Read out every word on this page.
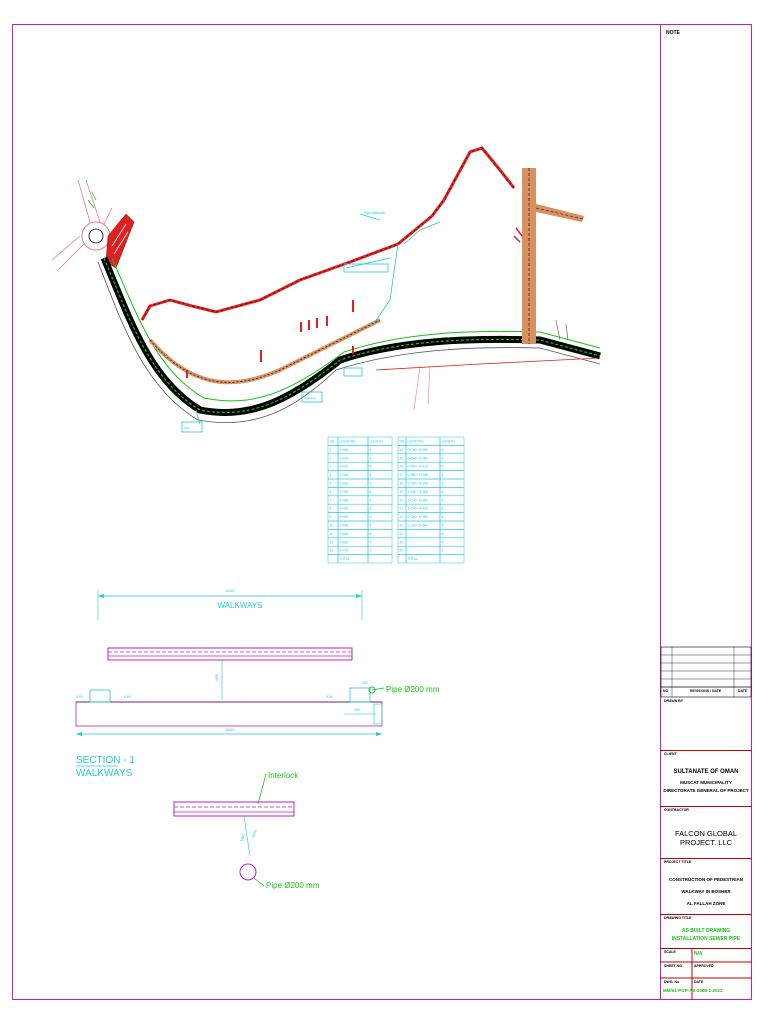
NOTE
NO	REVISIONS / DATE	DATE
DRAWN BY
CLIENT
SULTANATE OF OMAN
MUSCAT MUNICIPALITY
DIRECTORATE GENERAL OF PROJECT
CONTRACTOR
FALCON GLOBAL PROJECT. LLC
PROJECT TITLE
CONSTRUCTION OF PEDESTRIAN
WALKWAY IN BOSHER
AL FALLAH ZONE
DRAWING TITLE
AS BUILT DRAWING
INSTALLATION SEWER PIPE
SCALE	N/A
SHEET NO	APPROVED
DWG. No	DATE
MM/01-PGP-AS-200
08-1-2022
Pipe Network
Walkway
Pipe
NO LOCATION	LENGTH
1	0+000	6
2	0+060	6
3	0+120	6
4	0+180	6
5	0+240	6
6	0+300	6
7	0+360	6
8	0+420	6
9	0+480	6
10 0+540	6
11 0+600	6
12 0+660	6
13 0+720	6
TOTAL
NO LOCATION	LENGTH
14 0+780 / 0+000	6
15 0+840 / 0+060	6
16 0+900 / 0+120	6
17 0+960 / 0+180	6
18 1+020 / 0+240	6
19 1+080 / 0+300	6
20 1+140 / 0+360	6
21 1+200 / 0+420	6
22 1+260 / 0+480	6
23 1+320 / 0+540	6
24	6
25	6
26	6
TOTAL
4000
WALKWAYS
1400
0.00	0.00	0.00
150
400
Pipe Ø200 mm
5000
SECTION - 1
WALKWAYS	Interlock
1400 Ø200
Pipe Ø200 mm
